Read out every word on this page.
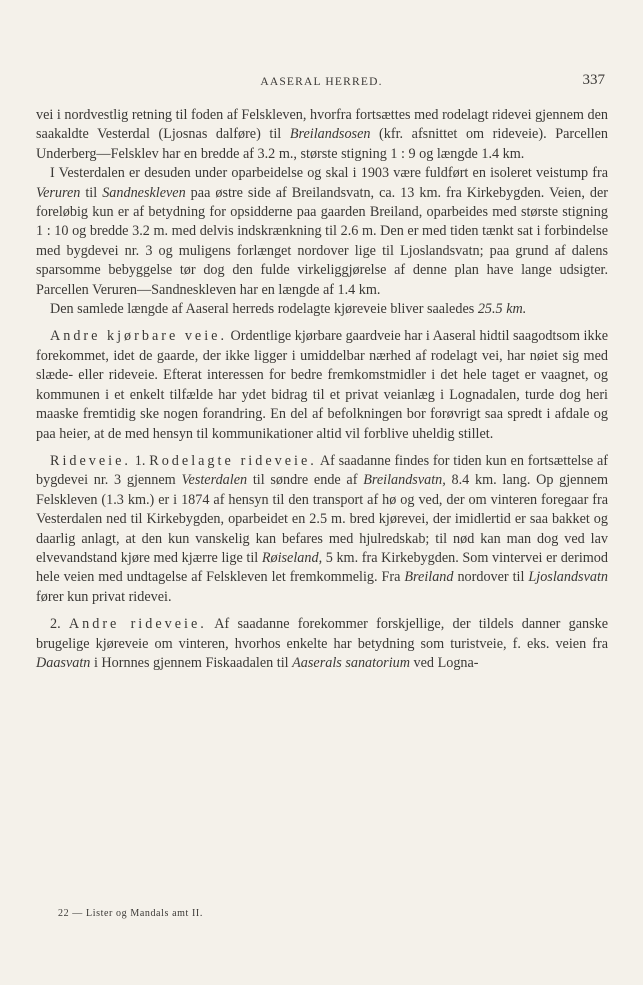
AASERAL HERRED.	337

vei i nordvestlig retning til foden af Felskleven, hvorfra fortsættes med rodelagt ridevei gjennem den saakaldte Vesterdal (Ljosnas dalføre) til Breilandsosen (kfr. afsnittet om rideveie). Parcellen Underberg—Felsklev har en bredde af 3.2 m., største stigning 1 : 9 og længde 1.4 km.

I Vesterdalen er desuden under oparbeidelse og skal i 1903 være fuldført en isoleret veistump fra Veruren til Sandneskleven paa østre side af Breilandsvatn, ca. 13 km. fra Kirkebygden. Veien, der foreløbig kun er af betydning for opsidderne paa gaarden Breiland, oparbeides med største stigning 1 : 10 og bredde 3.2 m. med delvis indskrænkning til 2.6 m. Den er med tiden tænkt sat i forbindelse med bygdevei nr. 3 og muligens forlænget nordover lige til Ljoslandsvatn; paa grund af dalens sparsomme bebyggelse tør dog den fulde virkeliggjørelse af denne plan have lange udsigter. Parcellen Veruren—Sandneskleven har en længde af 1.4 km.

Den samlede længde af Aaseral herreds rodelagte kjøreveie bliver saaledes 25.5 km.

Andre kjørbare veie. Ordentlige kjørbare gaardveie har i Aaseral hidtil saagodtsom ikke forekommet, idet de gaarde, der ikke ligger i umiddelbar nærhed af rodelagt vei, har nøiet sig med slæde- eller rideveie. Efterat interessen for bedre fremkomstmidler i det hele taget er vaagnet, og kommunen i et enkelt tilfælde har ydet bidrag til et privat veianlæg i Lognadalen, turde dog heri maaske fremtidig ske nogen forandring. En del af befolkningen bor forøvrigt saa spredt i afdale og paa heier, at de med hensyn til kommunikationer altid vil forblive uheldig stillet.

Rideveie. 1. Rodelagte rideveie. Af saadanne findes for tiden kun en fortsættelse af bygdevei nr. 3 gjennem Vesterdalen til søndre ende af Breilandsvatn, 8.4 km. lang. Op gjennem Felskleven (1.3 km.) er i 1874 af hensyn til den transport af hø og ved, der om vinteren foregaar fra Vesterdalen ned til Kirkebygden, oparbeidet en 2.5 m. bred kjørevei, der imidlertid er saa bakket og daarlig anlagt, at den kun vanskelig kan befares med hjulredskab; til nød kan man dog ved lav elvevandstand kjøre med kjærre lige til Røiseland, 5 km. fra Kirkebygden. Som vintervei er derimod hele veien med undtagelse af Felskleven let fremkommelig. Fra Breiland nordover til Ljoslandsvatn fører kun privat ridevei.

2. Andre rideveie. Af saadanne forekommer forskjellige, der tildels danner ganske brugelige kjøreveie om vinteren, hvorhos enkelte har betydning som turistveie, f. eks. veien fra Daasvatn i Hornnes gjennem Fiskaadalen til Aaserals sanatorium ved Logna-

22 — Lister og Mandals amt II.
